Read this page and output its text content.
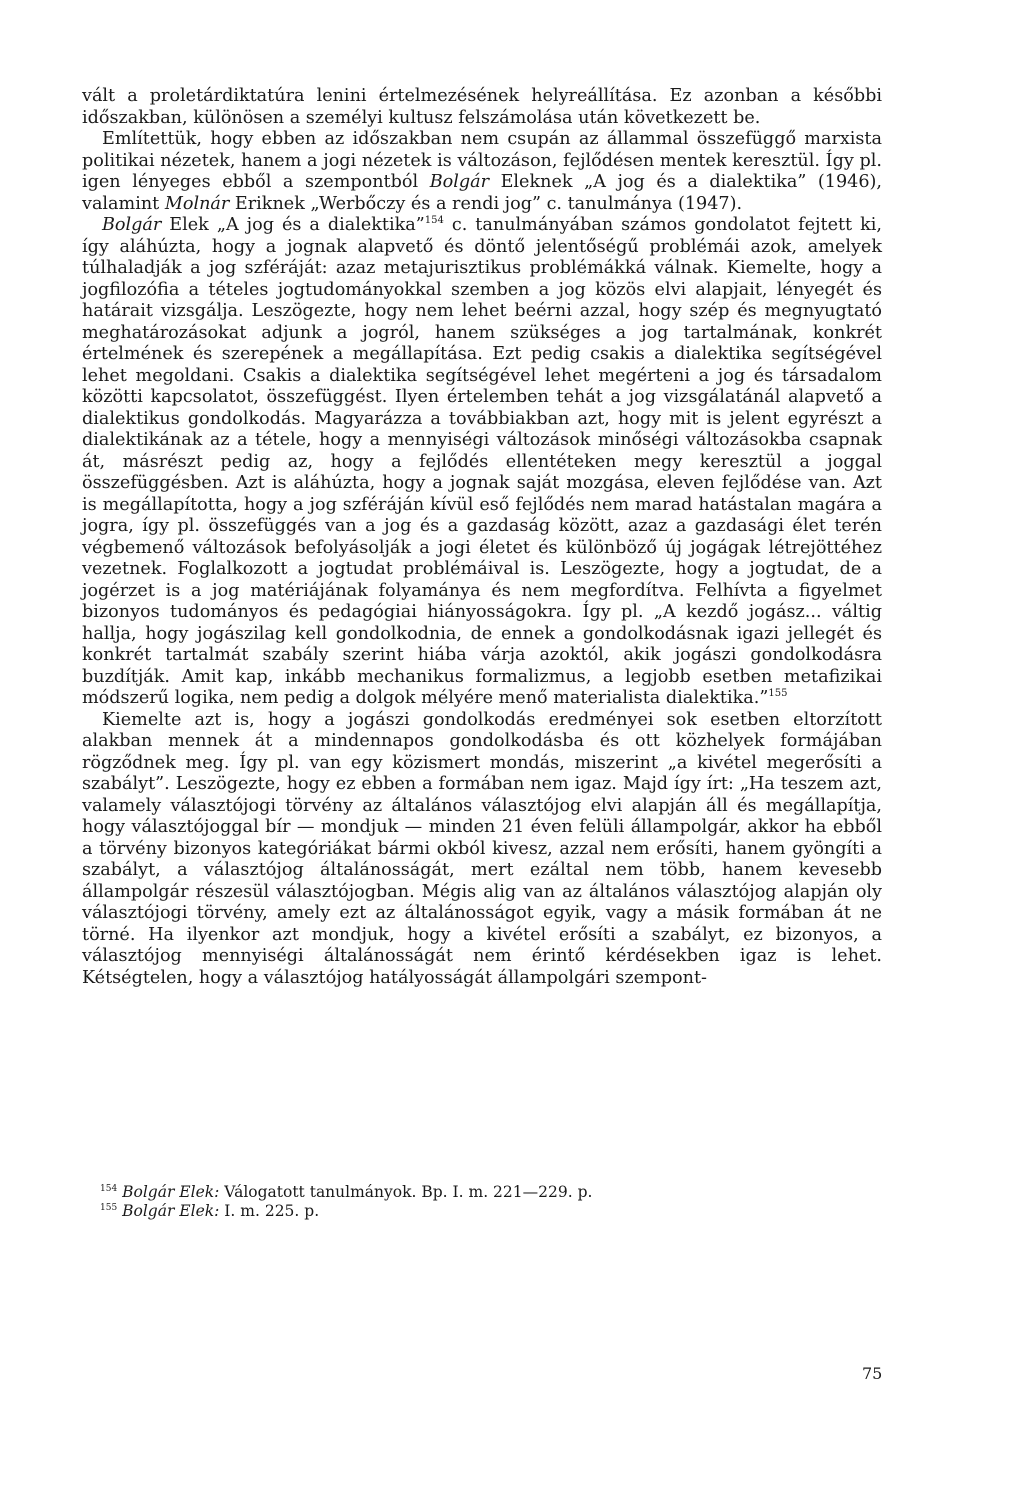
vált a proletárdiktatúra lenini értelmezésének helyreállítása. Ez azonban a későbbi időszakban, különösen a személyi kultusz felszámolása után következett be.

Említettük, hogy ebben az időszakban nem csupán az állammal összefüggő marxista politikai nézetek, hanem a jogi nézetek is változáson, fejlődésen mentek keresztül. Így pl. igen lényeges ebből a szempontból Bolgár Eleknek „A jog és a dialektika” (1946), valamint Molnár Eriknek „Werbőczy és a rendi jog” c. tanulmánya (1947).

Bolgár Elek „A jog és a dialektika”$^{154}$ c. tanulmányában számos gondolatot fejtett ki, így aláhúzta, hogy a jognak alapvető és döntő jelentőségű problémái azok, amelyek túlhaladják a jog szféráját: azaz metajurisztikus problémákká válnak. Kiemelte, hogy a jogfilozófia a tételes jogtudományokkal szemben a jog közös elvi alapjait, lényegét és határait vizsgálja. Leszögezte, hogy nem lehet beérni azzal, hogy szép és megnyugtató meghatározásokat adjunk a jogról, hanem szükséges a jog tartalmának, konkrét értelmének és szerepének a megállapítása. Ezt pedig csakis a dialektika segítségével lehet megoldani. Csakis a dialektika segítségével lehet megérteni a jog és társadalom közötti kapcsolatot, összefüggést. Ilyen értelemben tehát a jog vizsgálatánál alapvető a dialektikus gondolkodás. Magyarázza a továbbiakban azt, hogy mit is jelent egyrészt a dialektikának az a tétele, hogy a mennyiségi változások minőségi változásokba csapnak át, másrészt pedig az, hogy a fejlődés ellentéteken megy keresztül a joggal összefüggésben. Azt is aláhúzta, hogy a jognak saját mozgása, eleven fejlődése van. Azt is megállapította, hogy a jog szféráján kívül eső fejlődés nem marad hatástalan magára a jogra, így pl. összefüggés van a jog és a gazdaság között, azaz a gazdasági élet terén végbemenő változások befolyásolják a jogi életet és különböző új jogágak létrejöttéhez vezetnek. Foglalkozott a jogtudat problémáival is. Leszögezte, hogy a jogtudat, de a jogérzet is a jog matériájának folyamánya és nem megfordítva. Felhívta a figyelmet bizonyos tudományos és pedagógiai hiányosságokra. Így pl. „A kezdő jogász... váltig hallja, hogy jogászilag kell gondolkodnia, de ennek a gondolkodásnak igazi jellegét és konkrét tartalmát szabály szerint hiába várja azoktól, akik jogászi gondolkodásra buzdítják. Amit kap, inkább mechanikus formalizmus, a legjobb esetben metafizikai módszerű logika, nem pedig a dolgok mélyére menő materialista dialektika.”$^{155}$

Kiemelte azt is, hogy a jogászi gondolkodás eredményei sok esetben eltorzított alakban mennek át a mindennapos gondolkodásba és ott közhelyek formájában rögződnek meg. Így pl. van egy közismert mondás, miszerint „a kivétel megerősíti a szabályt”. Leszögezte, hogy ez ebben a formában nem igaz. Majd így írt: „Ha teszem azt, valamely választójogi törvény az általános választójog elvi alapján áll és megállapítja, hogy választójoggal bír — mondjuk — minden 21 éven felüli állampolgár, akkor ha ebből a törvény bizonyos kategóriákat bármi okból kivesz, azzal nem erősíti, hanem gyöngíti a szabályt, a választójog általánosságát, mert ezáltal nem több, hanem kevesebb állampolgár részesül választójogban. Mégis alig van az általános választójog alapján oly választójogi törvény, amely ezt az általánosságot egyik, vagy a másik formában át ne törné. Ha ilyenkor azt mondjuk, hogy a kivétel erősíti a szabályt, ez bizonyos, a választójog mennyiségi általánosságát nem érintő kérdésekben igaz is lehet. Kétségtelen, hogy a választójog hatályosságát állampolgári szempont-

$^{154}$ Bolgár Elek: Válogatott tanulmányok. Bp. I. m. 221—229. p.

$^{155}$ Bolgár Elek: I. m. 225. p.

75
